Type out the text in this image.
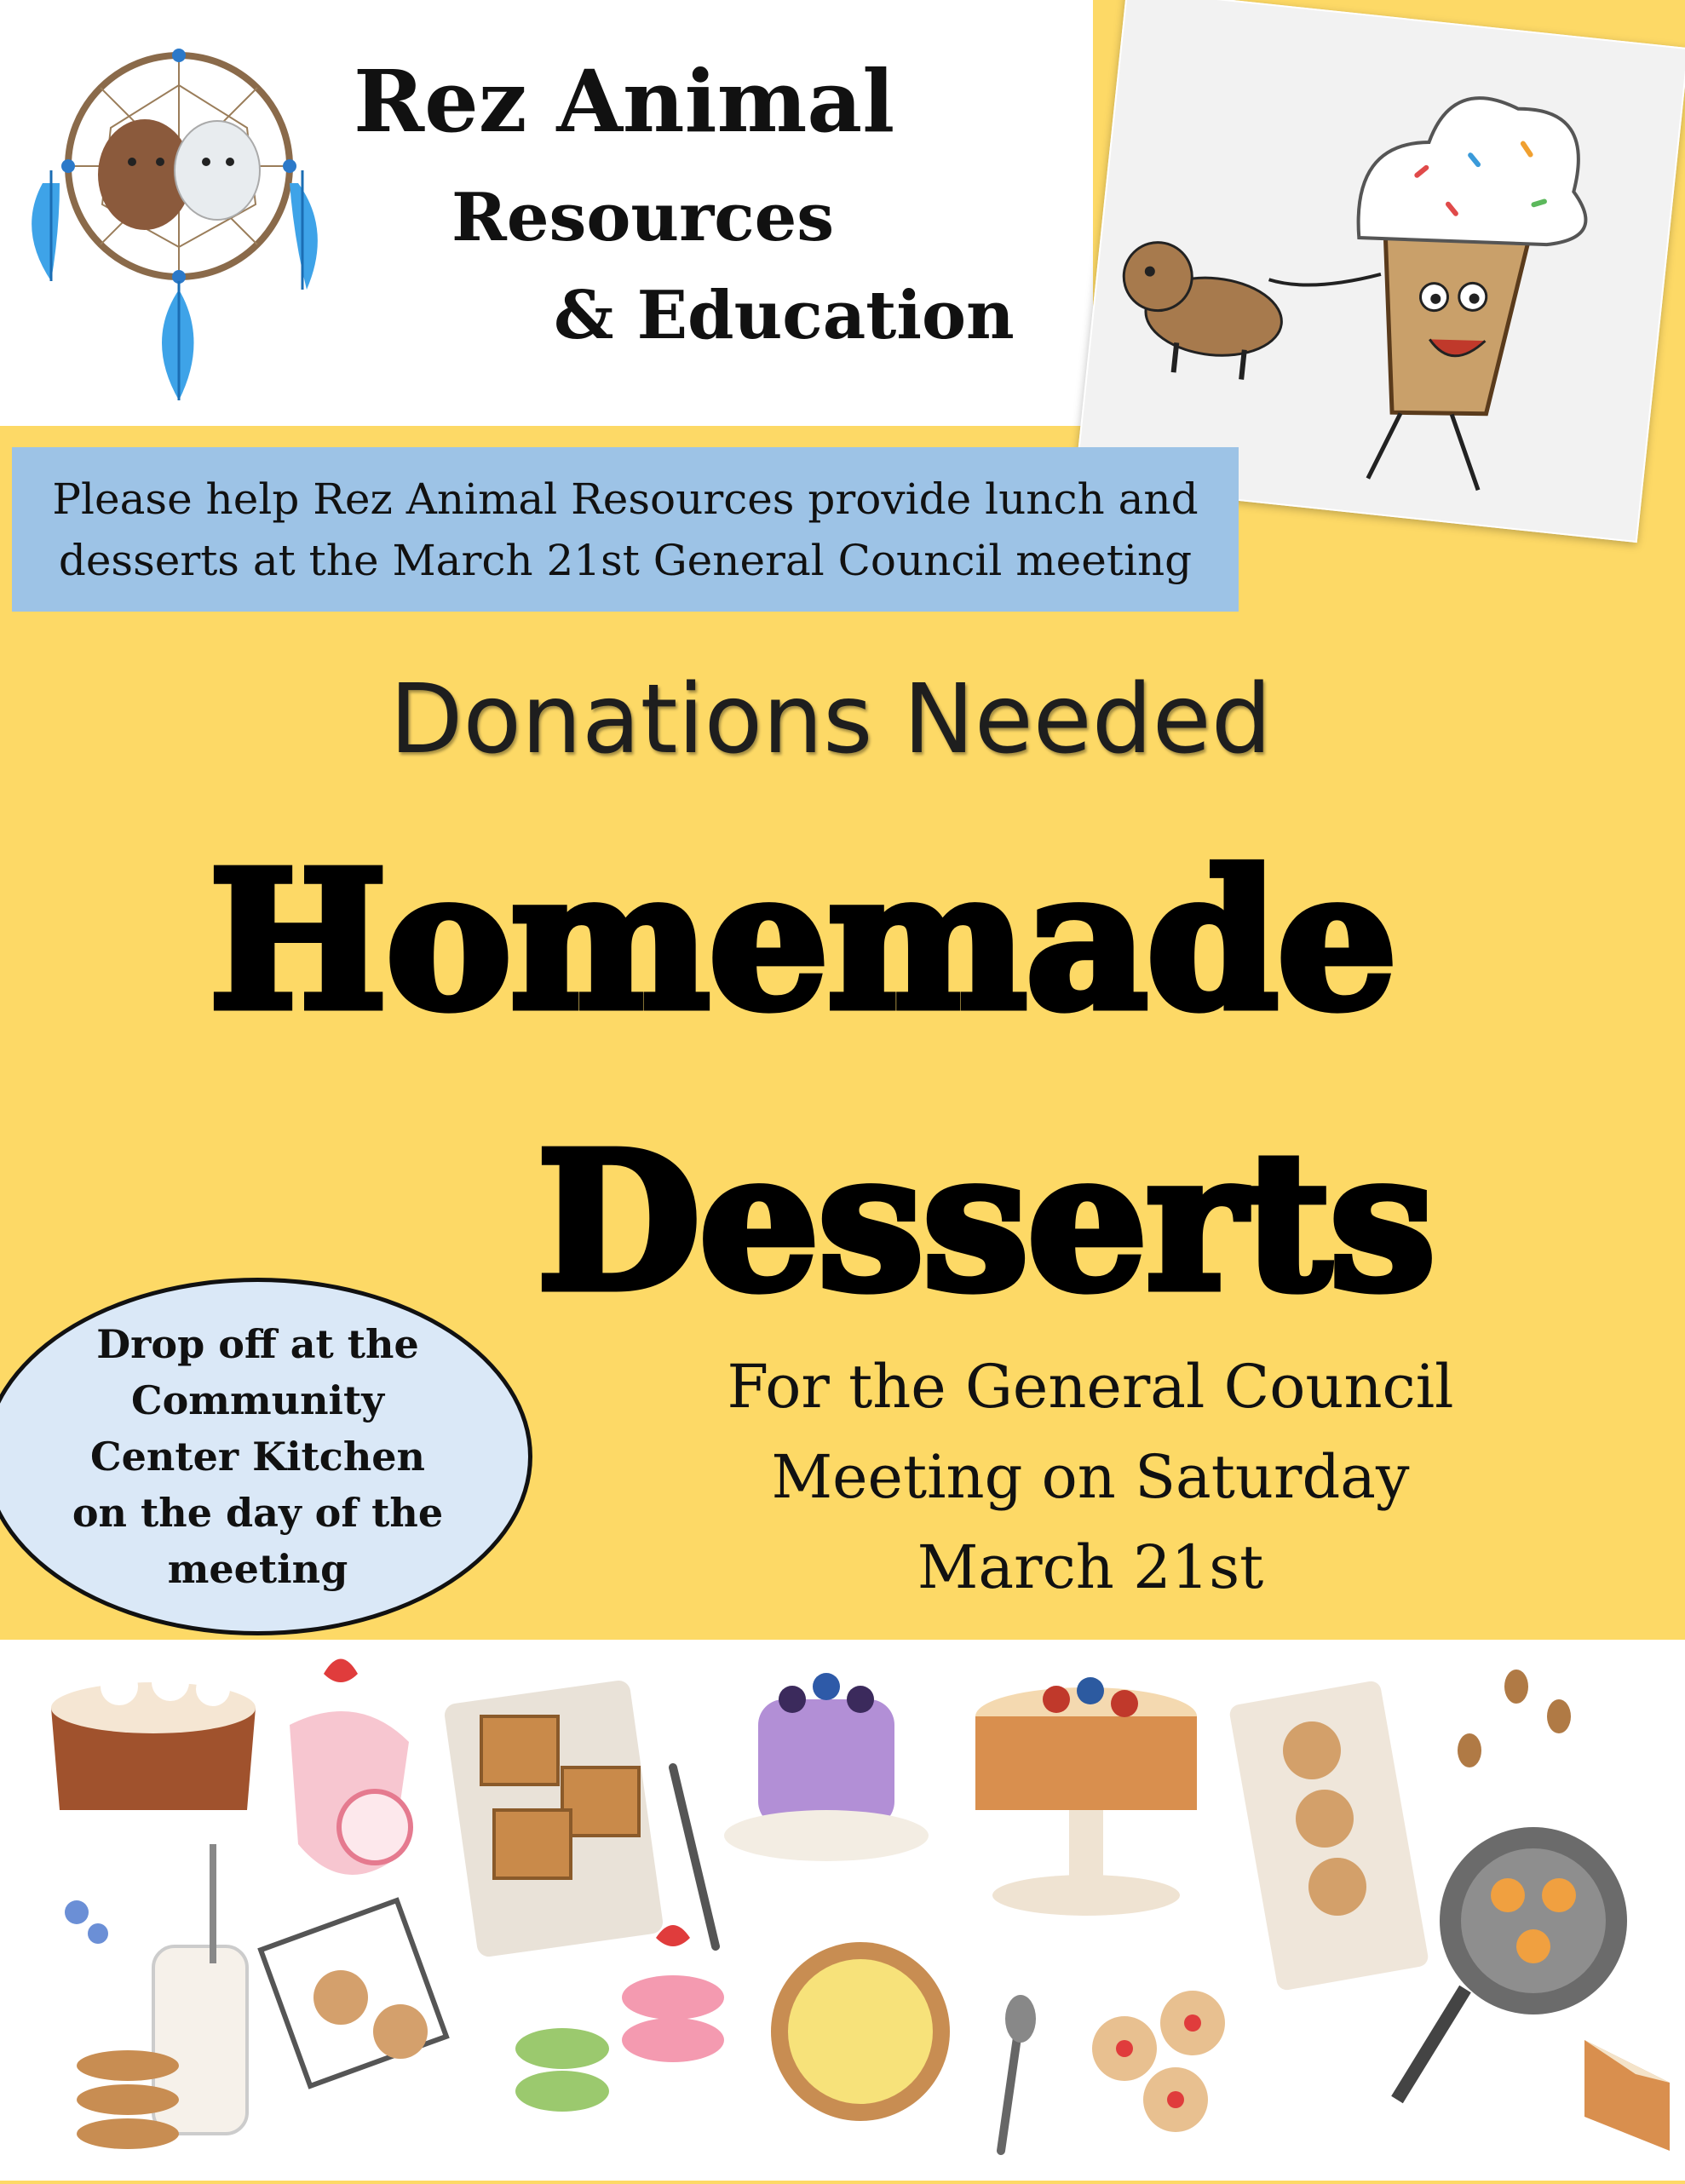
Rez Animal
Resources
& Education
Please help Rez Animal Resources provide lunch and
desserts at the March 21st General Council meeting
Donations Needed
Homemade
Desserts
Drop off at the
Community
Center Kitchen
on the day of the
meeting
For the General Council
Meeting on Saturday
March 21st
